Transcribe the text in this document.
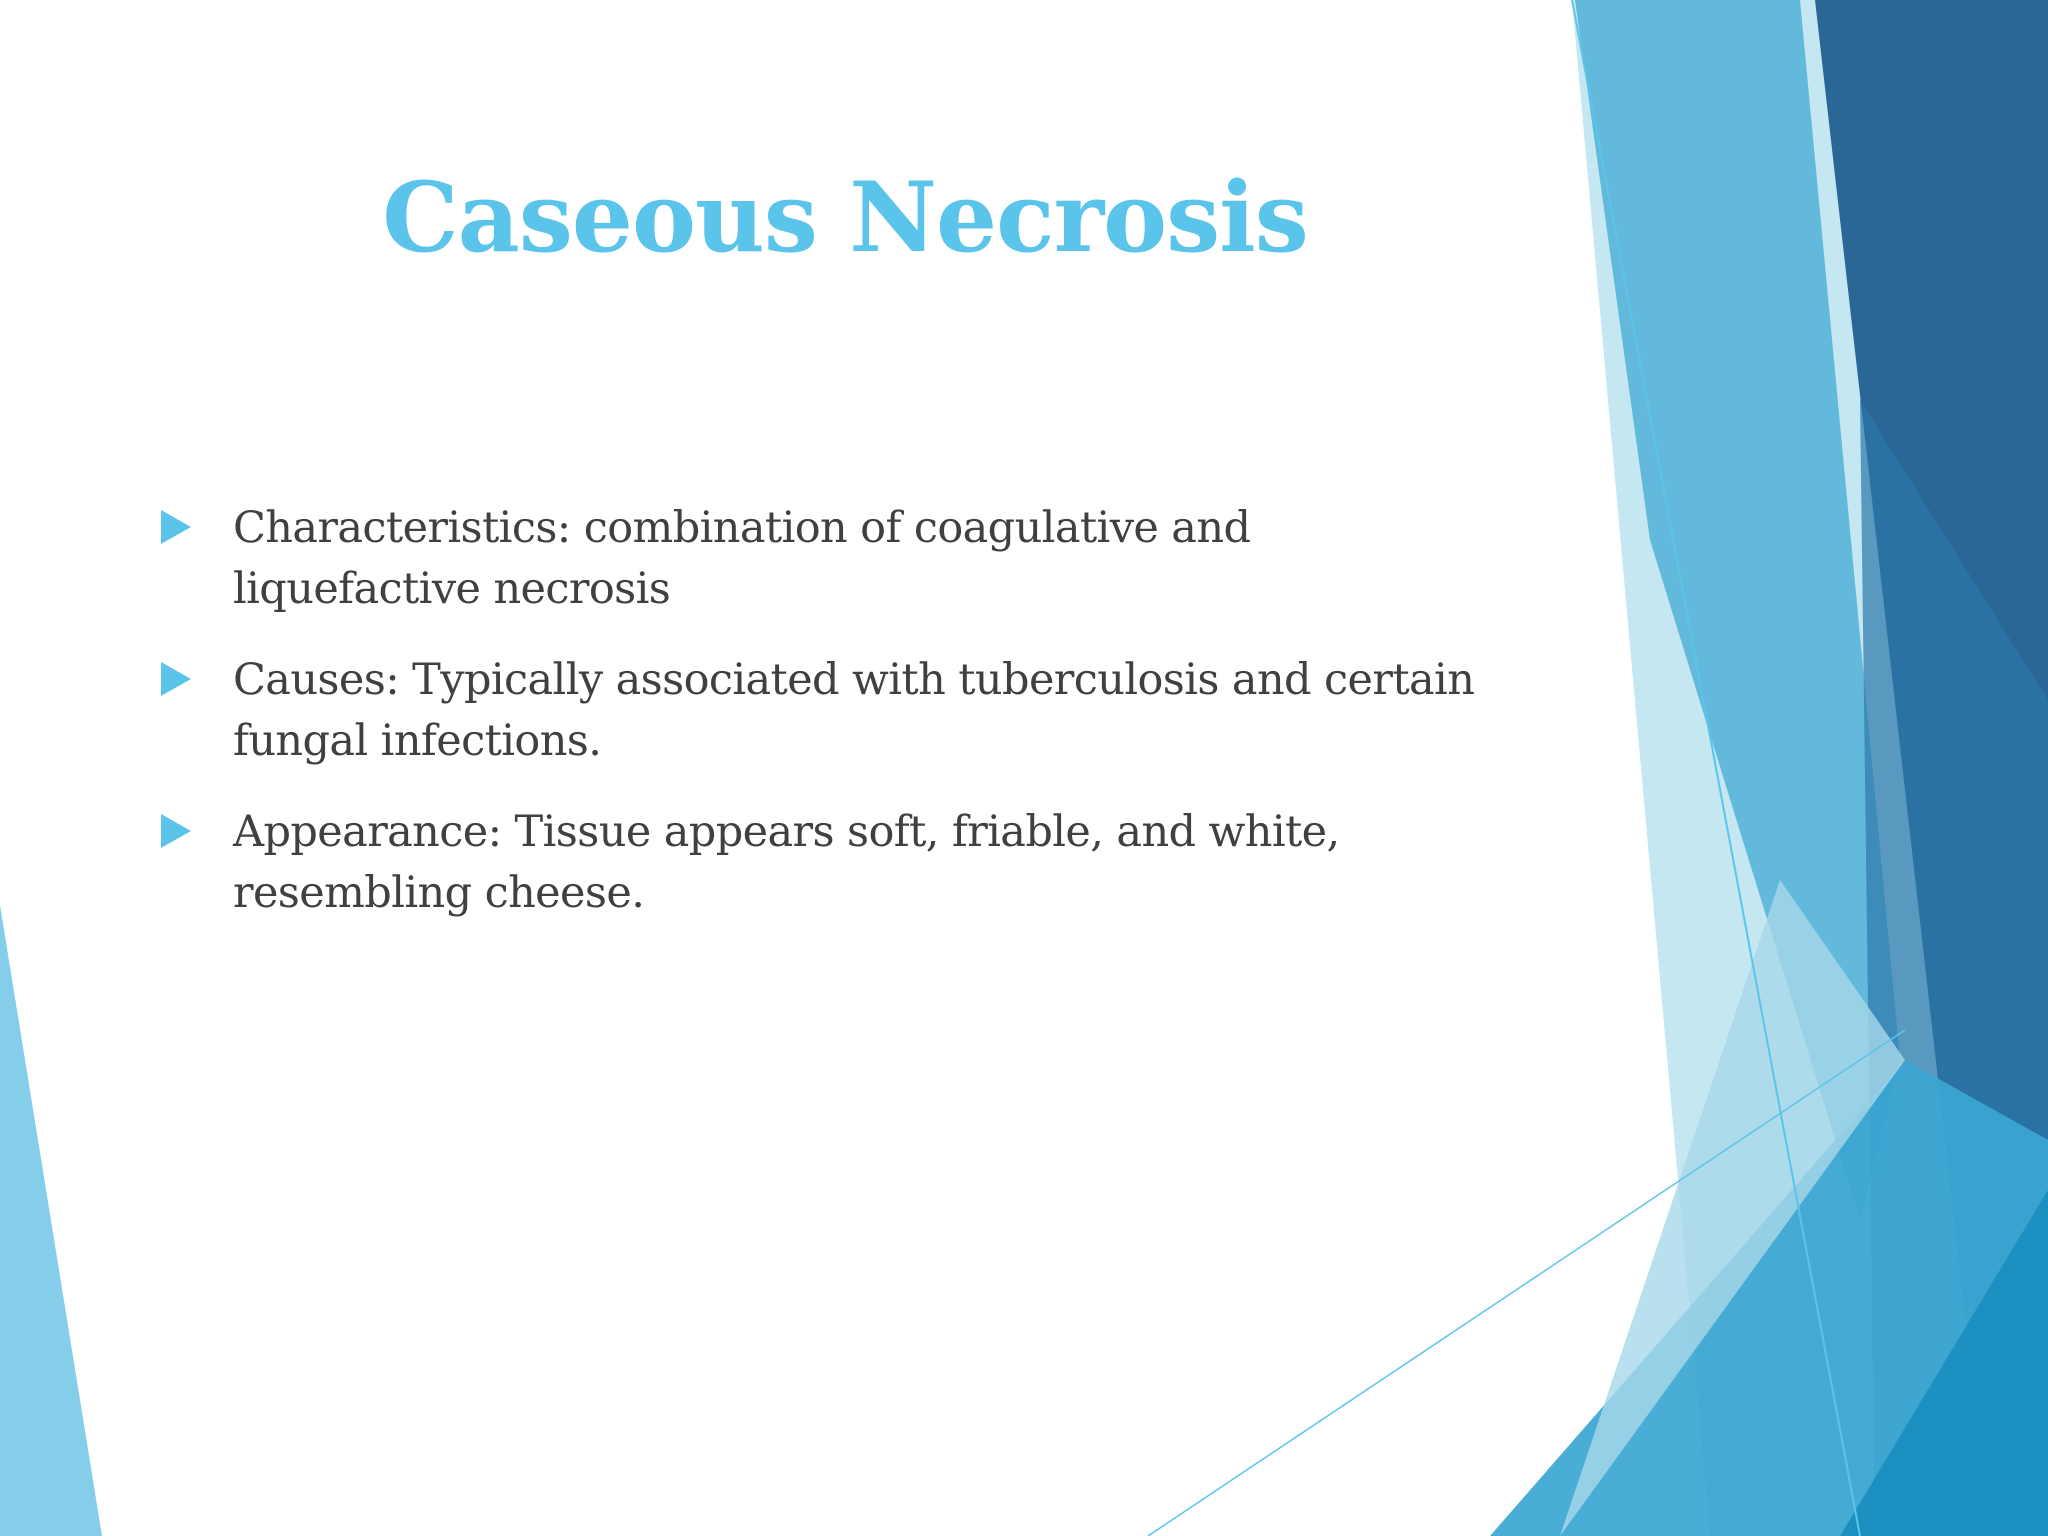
Caseous Necrosis
Characteristics: combination of coagulative and liquefactive necrosis
Causes: Typically associated with tuberculosis and certain fungal infections.
Appearance: Tissue appears soft, friable, and white, resembling cheese.
